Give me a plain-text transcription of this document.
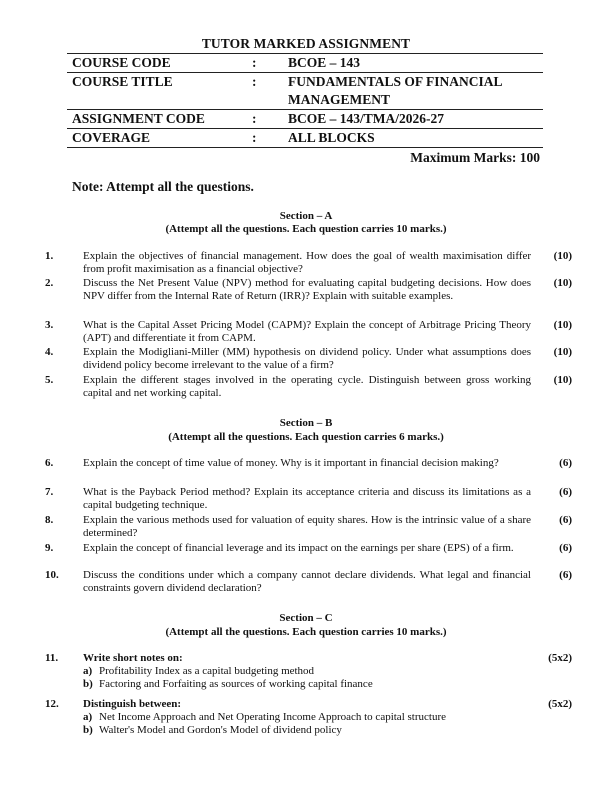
TUTOR MARKED ASSIGNMENT
COURSE CODE	: BCOE – 143
COURSE TITLE	: FUNDAMENTALS OF FINANCIAL MANAGEMENT
ASSIGNMENT CODE	: BCOE – 143/TMA/2026-27
COVERAGE	: ALL BLOCKS
Maximum Marks: 100
Note: Attempt all the questions.
Section – A
(Attempt all the questions. Each question carries 10 marks.)
1.	Explain the objectives of financial management. How does the goal of wealth maximisation differ from profit maximisation as a financial objective?
(10)
2.	Discuss the Net Present Value (NPV) method for evaluating capital budgeting decisions. How does NPV differ from the Internal Rate of Return (IRR)? Explain with suitable examples.
(10)
3.	What is the Capital Asset Pricing Model (CAPM)? Explain the concept of Arbitrage Pricing Theory (APT) and differentiate it from CAPM.
(10)
4.	Explain the Modigliani-Miller (MM) hypothesis on dividend policy. Under what assumptions does dividend policy become irrelevant to the value of a firm?
(10)
5.	Explain the different stages involved in the operating cycle. Distinguish between gross working capital and net working capital.
(10)
Section – B
(Attempt all the questions. Each question carries 6 marks.)
6.	Explain the concept of time value of money. Why is it important in financial decision making?	(6)
7.	What is the Payback Period method? Explain its acceptance criteria and discuss its limitations as a capital budgeting technique.
(6)
8.	Explain the various methods used for valuation of equity shares. How is the intrinsic value of a share determined?
(6)
9.	Explain the concept of financial leverage and its impact on the earnings per share (EPS) of a firm.	(6)
10. Discuss the conditions under which a company cannot declare dividends. What legal and financial constraints govern dividend declaration?
(6)
Section – C
(Attempt all the questions. Each question carries 10 marks.)
11. Write short notes on:
a) Profitability Index as a capital budgeting method
b) Factoring and Forfaiting as sources of working capital finance
(5x2)
12. Distinguish between:
a) Net Income Approach and Net Operating Income Approach to capital structure
b) Walter's Model and Gordon's Model of dividend policy
(5x2)
